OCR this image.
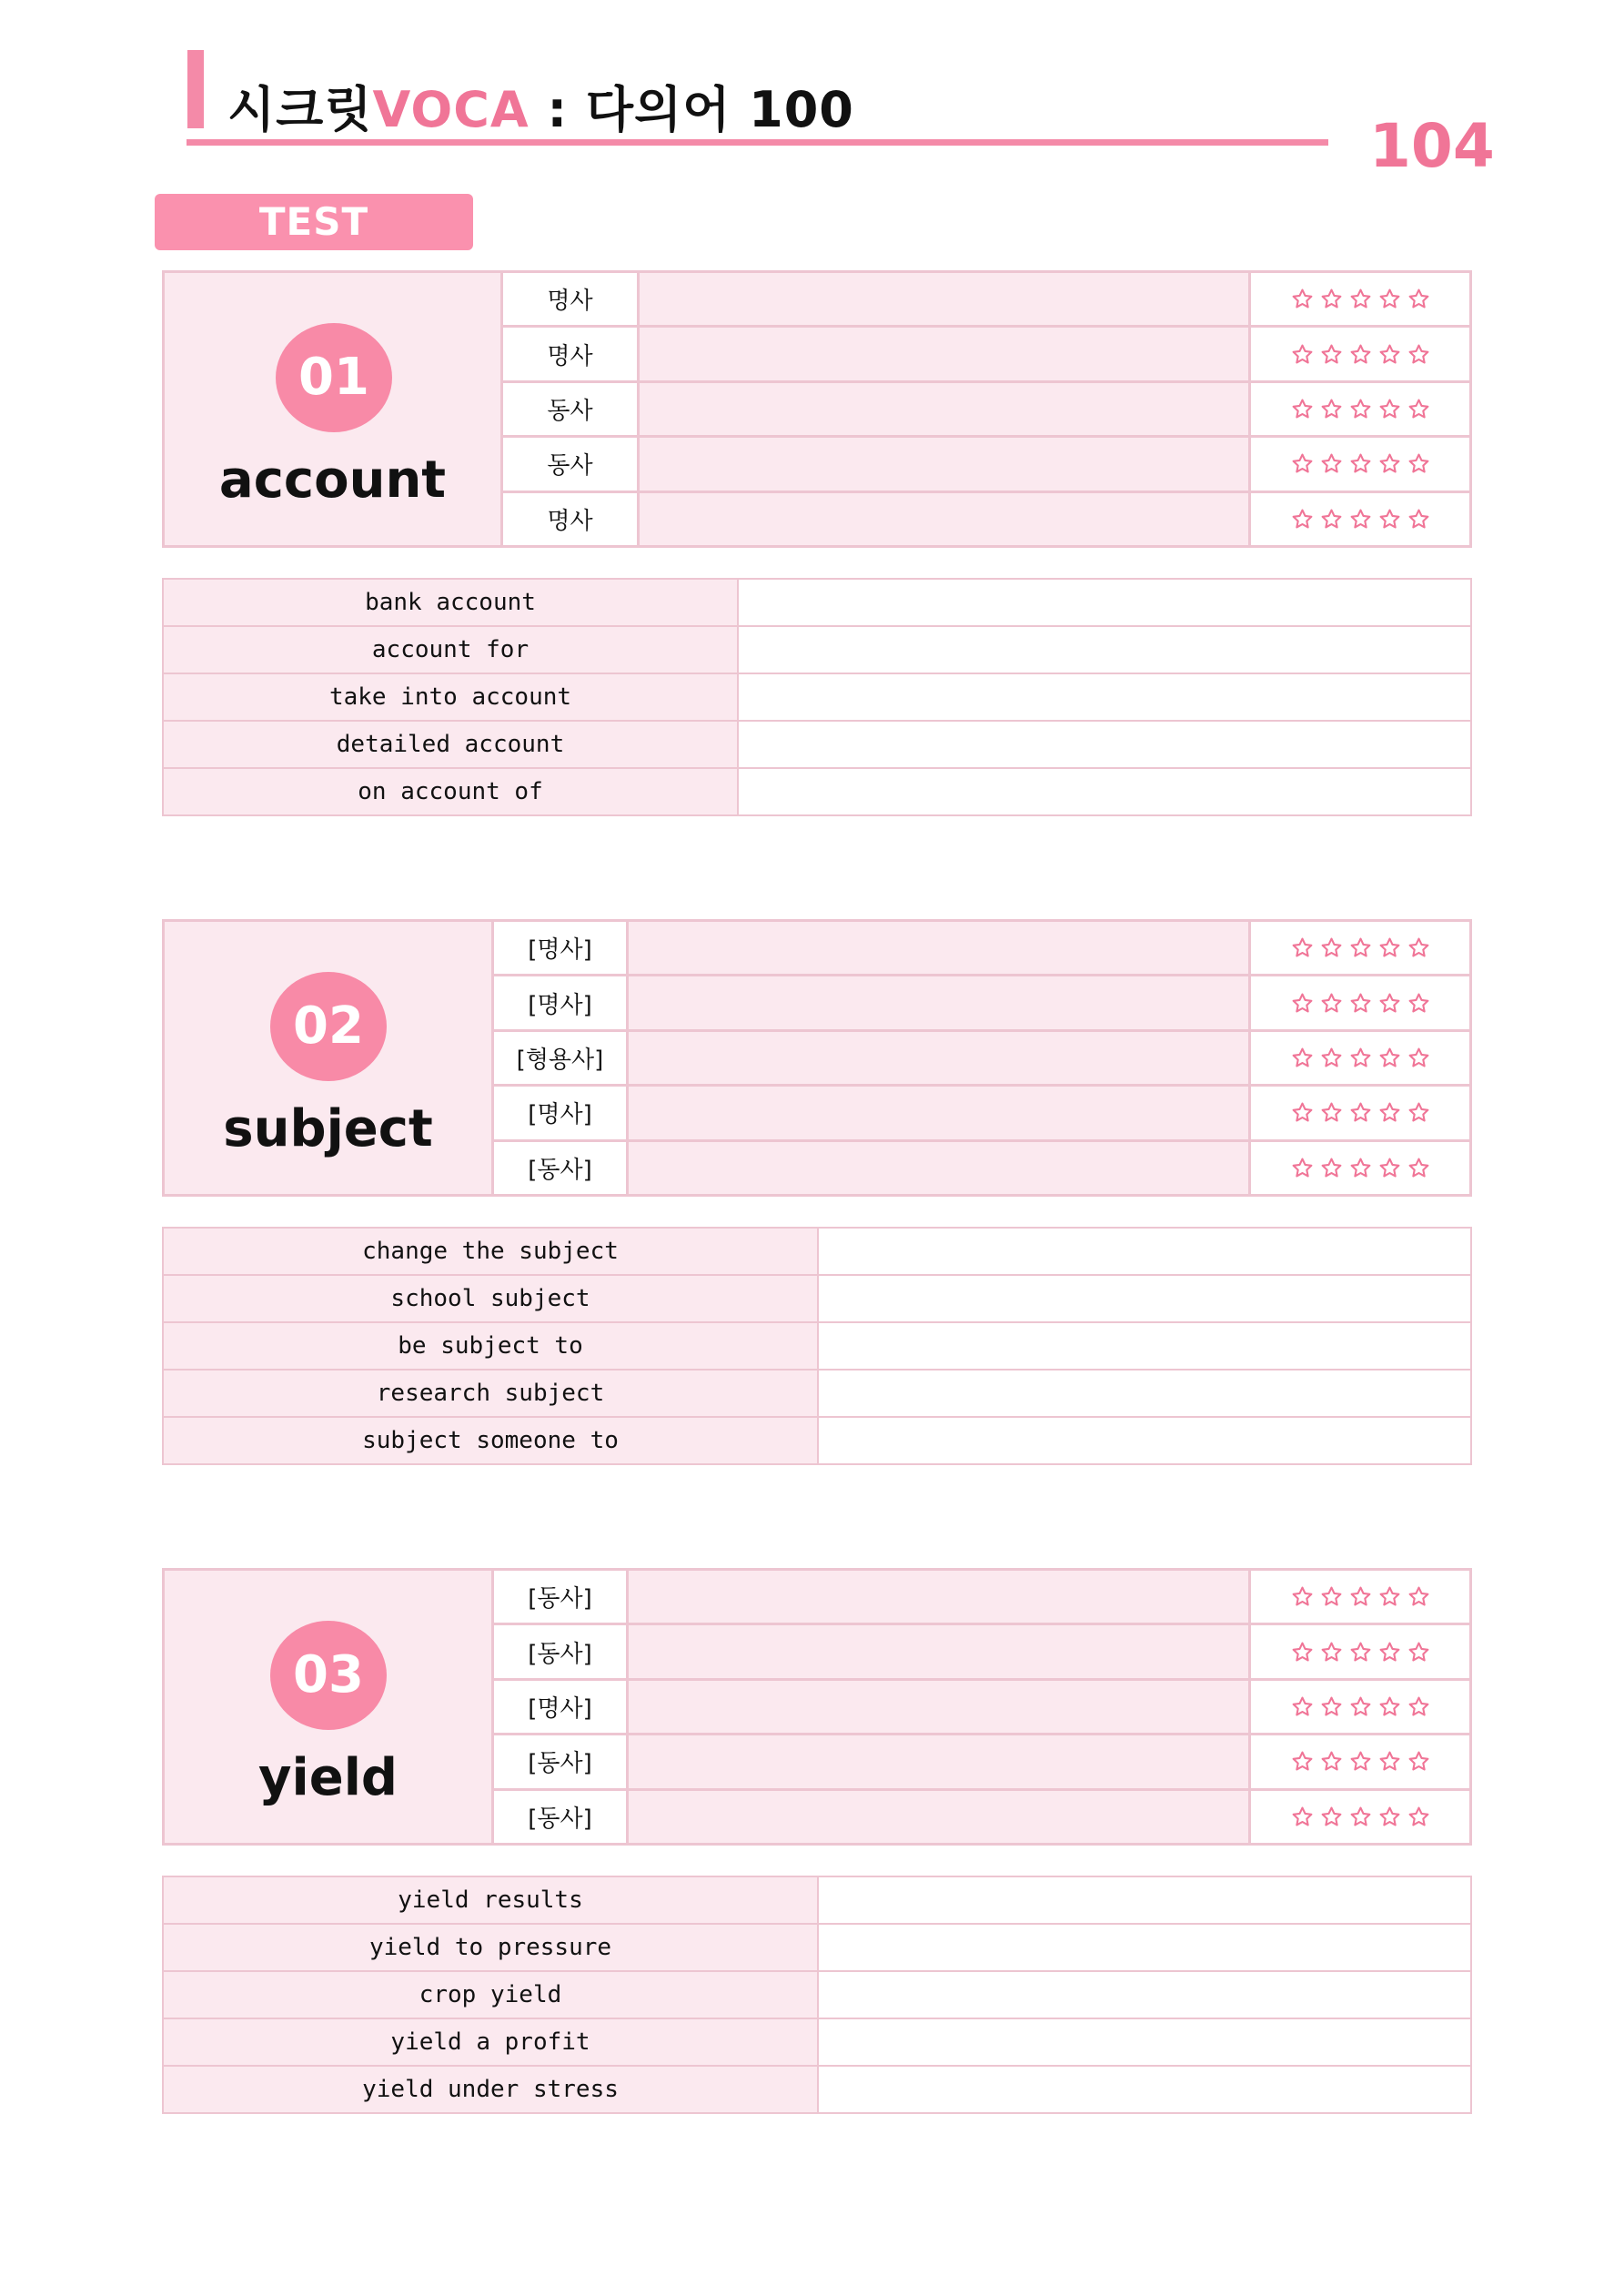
시크릿VOCA : 다의어 100
104
TEST
01
account
명사
명사
동사
동사
명사
bank account
account for
take into account
detailed account
on account of
02
subject
[명사]
[명사]
[형용사]
[명사]
[동사]
change the subject
school subject
be subject to
research subject
subject someone to
03
yield
[동사]
[동사]
[명사]
[동사]
[동사]
yield results
yield to pressure
crop yield
yield a profit
yield under stress
